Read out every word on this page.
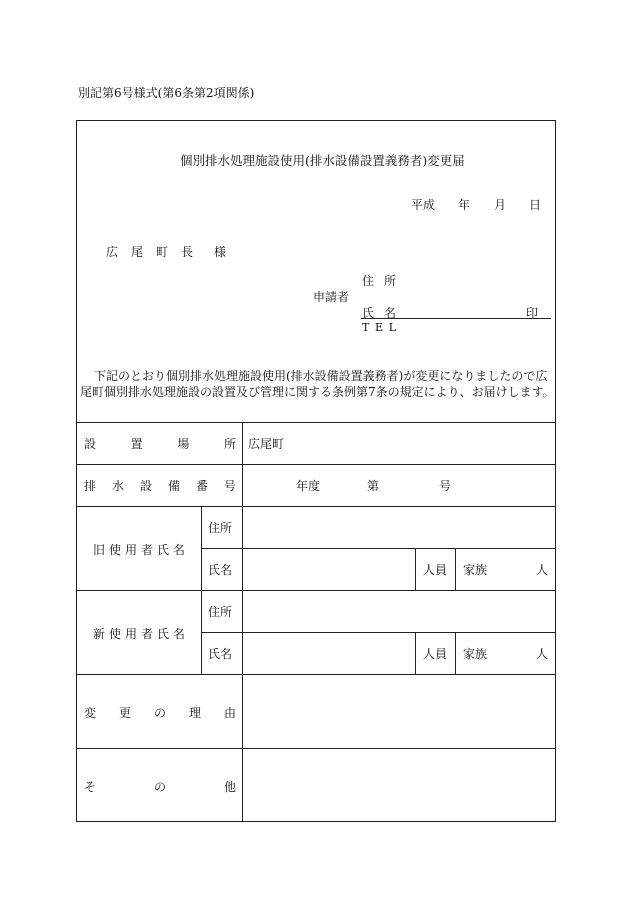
別記第6号様式(第6条第2項関係)
個別排水処理施設使用(排水設備設置義務者)変更届
平成 年 月 日
広 尾 町 長 様
申請者
住 所
氏 名	印
T E L
下記のとおり個別排水処理施設使用(排水設備設置義務者)が変更になりましたので広
尾町個別排水処理施設の設置及び管理に関する条例第7条の規定により、お届けします。
設	置	場	所 広尾町
排 水 設 備 番 号	年度	第	号
旧 使 用 者 氏 名
住所
氏名	人員 家族	人
新 使 用 者 氏 名
住所
氏名	人員 家族	人
変 更 の 理 由
そ	の	他
